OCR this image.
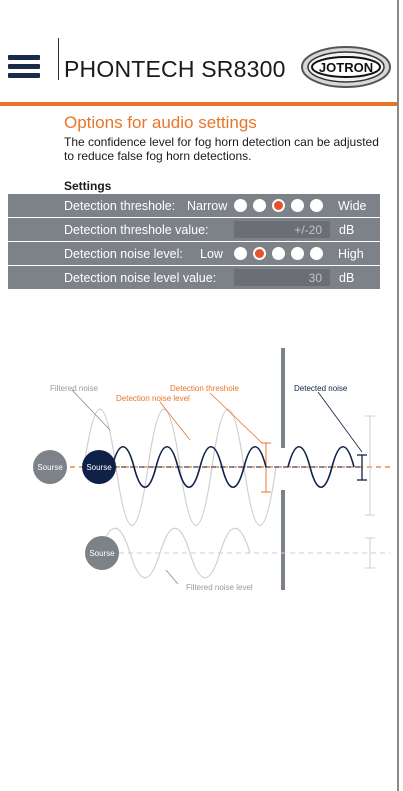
PHONTECH SR8300	JOTRON
Options for audio settings
The confidence level for fog horn detection can be adjusted to reduce false fog horn detections.
Settings
Detection threshole: Narrow	Wide
Detection threshole value:	+/-20	dB
Detection noise level: Low	High
Detection noise level value:	30	dB
Sourse	Sourse
Sourse
Filtered noise	Detection threshole
Detection noise level
Detected noise
Filtered noise level
